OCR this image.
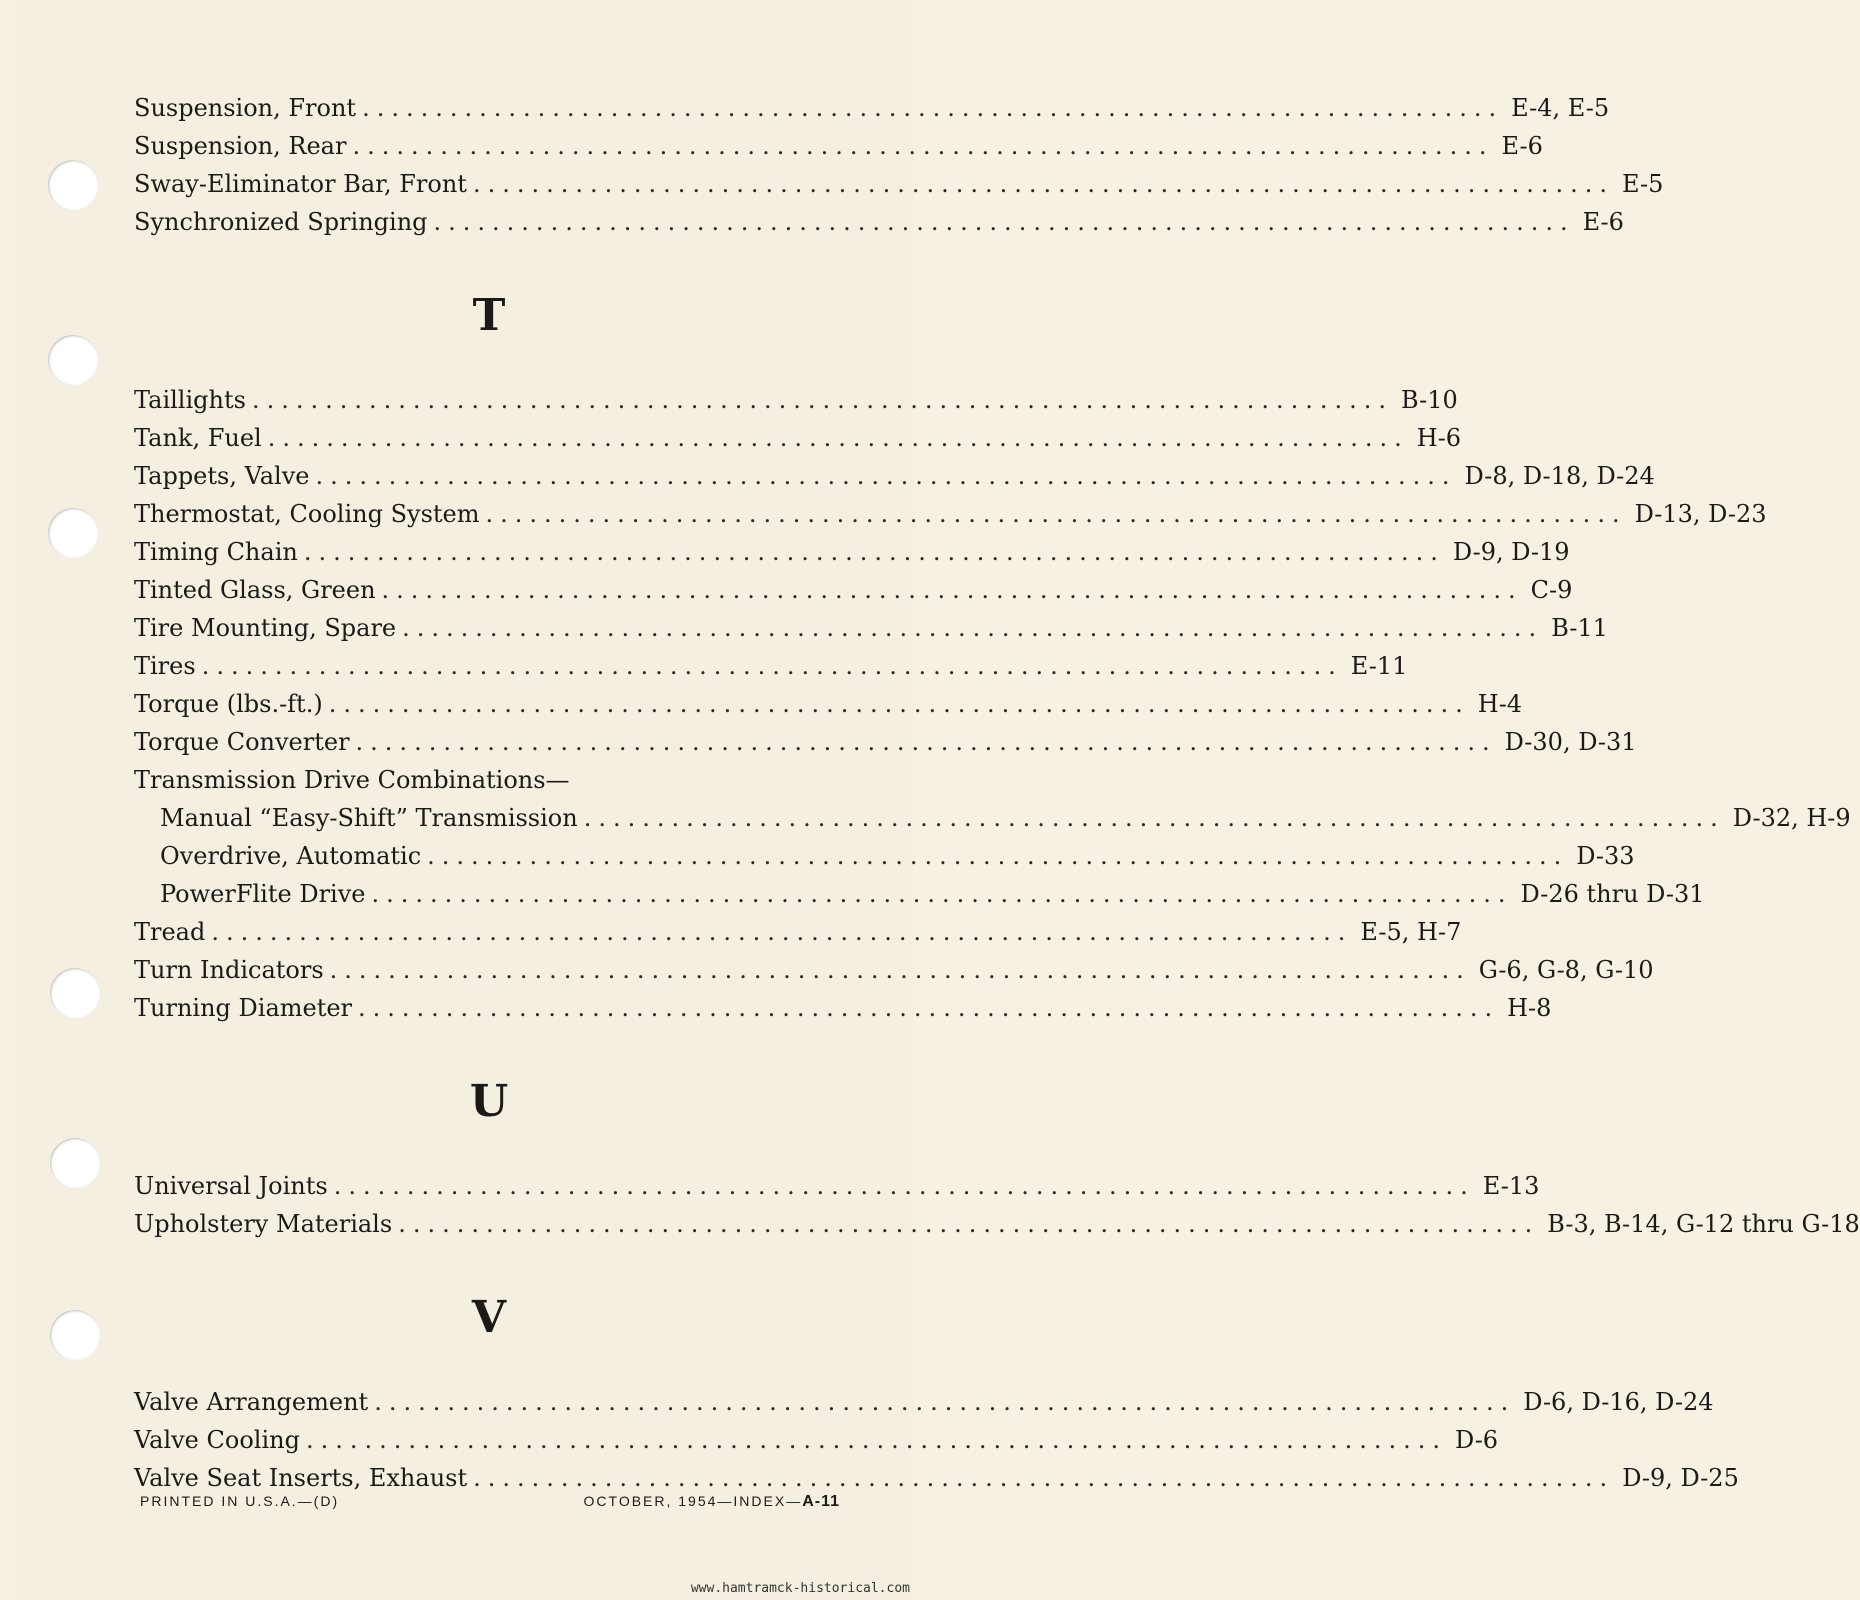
Suspension, Front .............................................................................. E-4, E-5
Suspension, Rear .............................................................................. E-6
Sway-Eliminator Bar, Front .............................................................................. E-5
Synchronized Springing .............................................................................. E-6
T
Taillights .............................................................................. B-10
Tank, Fuel .............................................................................. H-6
Tappets, Valve .............................................................................. D-8, D-18, D-24
Thermostat, Cooling System .............................................................................. D-13, D-23
Timing Chain .............................................................................. D-9, D-19
Tinted Glass, Green .............................................................................. C-9
Tire Mounting, Spare .............................................................................. B-11
Tires .............................................................................. E-11
Torque (lbs.-ft.) .............................................................................. H-4
Torque Converter .............................................................................. D-30, D-31
Transmission Drive Combinations—
Manual “Easy-Shift” Transmission .............................................................................. D-32, H-9
Overdrive, Automatic .............................................................................. D-33
PowerFlite Drive .............................................................................. D-26 thru D-31
Tread .............................................................................. E-5, H-7
Turn Indicators .............................................................................. G-6, G-8, G-10
Turning Diameter .............................................................................. H-8
U
Universal Joints .............................................................................. E-13
Upholstery Materials .............................................................................. B-3, B-14, G-12 thru G-18
V
Valve Arrangement .............................................................................. D-6, D-16, D-24
Valve Cooling .............................................................................. D-6
Valve Seat Inserts, Exhaust .............................................................................. D-9, D-25
PRINTED IN U.S.A.—(D)	OCTOBER, 1954—INDEX—A-11
www.hamtramck-historical.com
